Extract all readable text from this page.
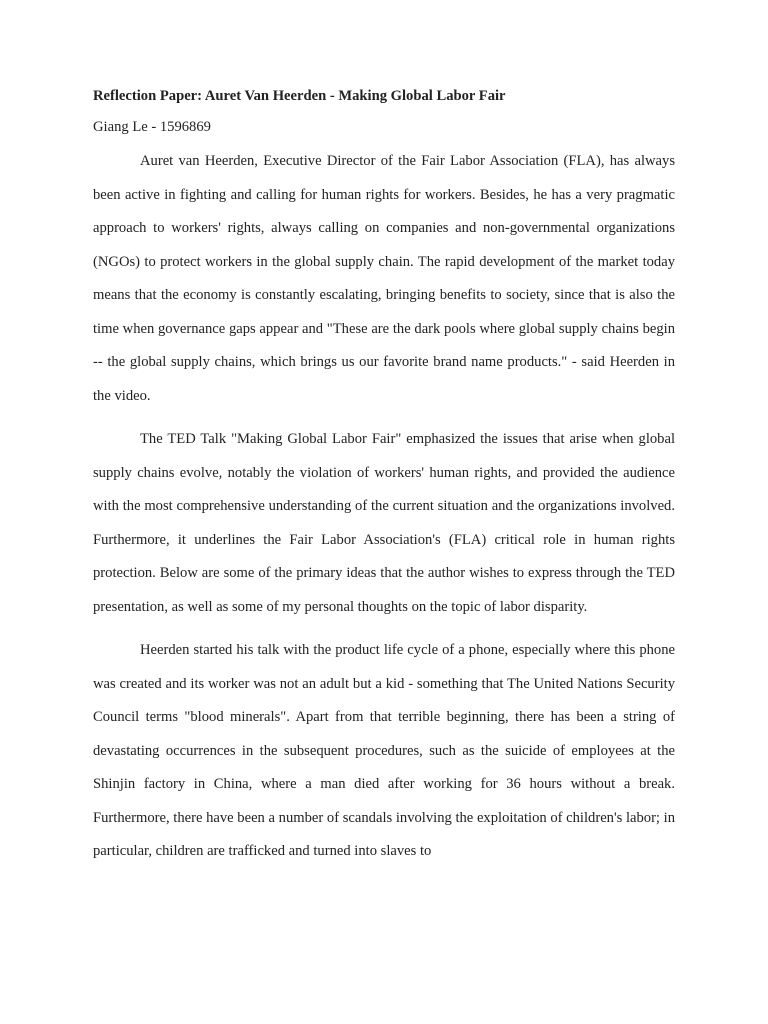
Reflection Paper: Auret Van Heerden - Making Global Labor Fair

Giang Le - 1596869

Auret van Heerden, Executive Director of the Fair Labor Association (FLA), has always been active in fighting and calling for human rights for workers. Besides, he has a very pragmatic approach to workers' rights, always calling on companies and non-governmental organizations (NGOs) to protect workers in the global supply chain. The rapid development of the market today means that the economy is constantly escalating, bringing benefits to society, since that is also the time when governance gaps appear and "These are the dark pools where global supply chains begin -- the global supply chains, which brings us our favorite brand name products." - said Heerden in the video.

The TED Talk "Making Global Labor Fair" emphasized the issues that arise when global supply chains evolve, notably the violation of workers' human rights, and provided the audience with the most comprehensive understanding of the current situation and the organizations involved. Furthermore, it underlines the Fair Labor Association's (FLA) critical role in human rights protection. Below are some of the primary ideas that the author wishes to express through the TED presentation, as well as some of my personal thoughts on the topic of labor disparity.

Heerden started his talk with the product life cycle of a phone, especially where this phone was created and its worker was not an adult but a kid - something that The United Nations Security Council terms "blood minerals". Apart from that terrible beginning, there has been a string of devastating occurrences in the subsequent procedures, such as the suicide of employees at the Shinjin factory in China, where a man died after working for 36 hours without a break. Furthermore, there have been a number of scandals involving the exploitation of children's labor; in particular, children are trafficked and turned into slaves to
